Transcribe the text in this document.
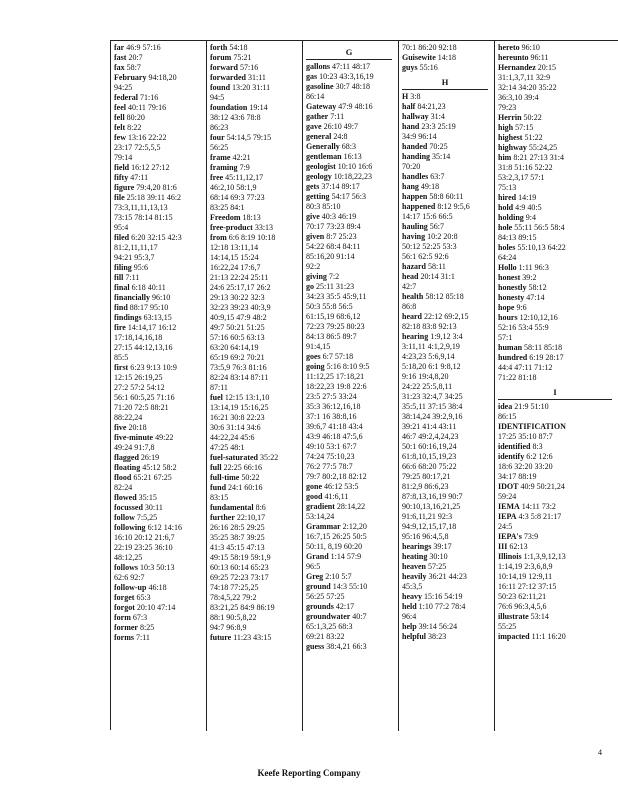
far 46:9 57:16
fast 20:7
fax 58:7
February 94:18,20
94:25
federal 71:16
feel 40:11 79:16
fell 80:20
felt 8:22
few 13:16 22:22
23:17 72:5,5,5
79:14
field 16:12 27:12
fifty 47:11
figure 79:4,20 81:6
file 25:18 39:11 46:2
73:3,11,11,13,13
73:15 78:14 81:15
95:4
filed 6:20 32:15 42:3
81:2,11,11,17
94:21 95:3,7
filing 95:6
fill 7:11
final 6:18 40:11
financially 96:10
find 88:17 95:10
findings 63:13,15
fire 14:14,17 16:12
17:18,14,16,18
27:15 44:12,13,16
85:5
first 6:23 9:13 10:9
12:15 26:19,25
27:2 57:2 54:12
56:1 60:5,25 71:16
71:20 72:5 88:21
88:22,24
five 20:18
five-minute 49:22
49:24 91:7,8
flagged 26:19
floating 45:12 58:2
flood 65:21 67:25
82:24
flowed 35:15
focussed 30:11
follow 7:5,25
following 6:12 14:16
16:10 20:12 21:6,7
22:19 23:25 36:10
48:12,25
follows 10:3 50:13
62:6 92:7
follow-up 46:18
forget 65:3
forgot 20:10 47:14
form 67:3
former 8:25
forms 7:11
forth 54:18
forum 75:21
forward 57:16
forwarded 31:11
found 13:20 31:11
94:5
foundation 19:14
38:12 43:6 78:8
86:23
four 54:14,5 79:15
56:25
frame 42:21
framing 7:9
free 45:11,12,17
46:2,10 58:1,9
68:14 69:3 77:23
83:25 84:1
Freedom 18:13
free-product 33:13
from 6:6 8:19 10:18
12:18 13:11,14
14:14,15 15:24
16:22,24 17:6,7
21:13 22:24 25:11
24:6 25:17,17 26:2
29:13 30:22 32:3
32:23 39:23 40:3,9
40:9,15 47:9 48:2
49:7 50:21 51:25
57:16 60:5 63:13
63:20 64:14,19
65:19 69:2 70:21
73:5,9 76:3 81:16
82:24 83:14 87:11
87:11
fuel 12:15 13:1,10
13:14,19 15:16,25
16:21 30:8 22:23
30:6 31:14 34:6
44:22,24 45:6
47:25 48:1
fuel-saturated 35:22
full 22:25 66:16
full-time 50:22
fund 24:1 60:16
83:15
fundamental 8:6
further 22:10,17
26:16 28:5 29:25
35:25 38:7 39:25
41:3 45:15 47:13
49:15 58:19 59:1,9
60:13 60:14 65:23
69:25 72:23 73:17
74:18 77:25,25
78:4,5,22 79:2
83:21,25 84:9 86:19
88:1 90:5,8,22
94:7 96:8,9
future 11:23 43:15
G
gallons 47:11 48:17
gas 10:23 43:3,16,19
gasoline 30:7 48:18
86:14
Gateway 47:9 48:16
gather 7:11
gave 26:10 49:7
general 24:8
Generally 68:3
gentleman 16:13
geologist 10:10 16:6
geology 10:18,22,23
gets 37:14 89:17
getting 54:17 56:3
80:3 85:10
give 40:3 46:19
70:17 73:23 89:4
given 8:7 25:23
54:22 68:4 84:11
85:16,20 91:14
92:2
giving 7:2
go 25:11 31:23
34:23 35:5 45:9,11
50:3 55:8 56:5
61:15,19 68:6,12
72:23 79:25 80:23
84:13 86:5 89:7
91:4,15
goes 6:7 57:18
going 5:16 8:10 9:5
11:12,25 17:18,21
18:22,23 19:8 22:6
23:5 27:5 33:24
35:3 36:12,16,18
37:1 16 38:8,16
39:6,7 41:18 43:4
43:9 46:18 47:5,6
49:10 53:1 67:7
74:24 75:10,23
76:2 77:5 78:7
79:7 80:2,18 82:12
gone 46:12 53:5
good 41:6,11
gradient 28:14,22
53:14,24
Grammar 2:12,20
16:7,15 26:25 50:5
50:11, 8,19 60:20
Grand 1:14 57:9
96:5
Greg 2:10 5:7
ground 14:3 55:10
56:25 57:25
grounds 42:17
groundwater 40:7
65:1,3,25 68:3
69:21 83:22
guess 38:4,21 66:3
70:1 86:20 92:18
Guisewite 14:18
guys 55:16
H
H 3:8
half 84:21,23
hallway 31:4
hand 23:3 25:19
34:9 96:14
handed 70:25
handing 35:14
70:20
handles 63:7
hang 49:18
happen 58:8 60:11
happened 8:12 9:5,6
14:17 15:6 66:5
hauling 56:7
having 10:2 20:8
50:12 52:25 53:3
56:1 62:5 92:6
hazard 58:11
head 20:14 31:1
42:7
health 58:12 85:18
86:8
heard 22:12 69:2,15
82:18 83:8 92:13
hearing 1:9,12 3:4
3:11,11 4:1,2,9,19
4:23,23 5:6,9,14
5:18,20 6:1 9:8,12
9:16 19:4,8,20
24:22 25:5,8,11
31:23 32:4,7 34:25
35:5,11 37:15 38:4
38:14,24 39:2,9,16
39:21 41:4 43:11
46:7 49:2,4,24,23
50:1 60:16,19,24
61:8,10,15,19,23
66:6 68:20 75:22
79:25 80:17,21
81:2,9 86:6,23
87:8,13,16,19 90:7
90:10,13,16,21,25
91:6,11,21 92:3
94:9,12,15,17,18
95:16 96:4,5,8
hearings 39:17
heating 30:10
heaven 57:25
heavily 36:21 44:23
45:3,5
heavy 15:16 54:19
held 1:10 77:2 78:4
96:4
help 39:14 56:24
helpful 38:23
hereto 96:10
hereunto 96:11
Hernandez 20:15
31:1,3,7,11 32:9
32:14 34:20 35:22
36:3,10 39:4
79:23
Herrin 50:22
high 57:15
highest 51:22
highway 55:24,25
him 8:21 27:13 31:4
31:8 51:16 52:22
53:2,3,17 57:1
75:13
hired 14:19
hold 4:9 40:5
holding 9:4
hole 55:11 56:5 58:4
84:13 89:15
holes 55:10,13 64:22
64:24
Hollo 1:11 96:3
honest 39:2
honestly 58:12
honesty 47:14
hope 9:6
hours 12:10,12,16
52:16 53:4 55:9
57:1
human 58:11 85:18
hundred 6:19 28:17
44:4 47:11 71:12
71:22 81:18
I
idea 21:9 51:10
86:15
IDENTIFICATION
17:25 35:10 87:7
identified 8:3
identify 6:2 12:6
18:6 32:20 33:20
34:17 88:19
IDOT 40:9 50:21,24
59:24
IEMA 14:11 73:2
IEPA 4:3 5:8 21:17
24:5
IEPA's 73:9
III 62:13
Illinois 1:1,3,9,12,13
1:14,19 2:3,6,8,9
10:14,19 12:9,11
16:11 27:12 37:15
50:23 62:11,21
76:6 96:3,4,5,6
illustrate 53:14
55:25
impacted 11:1 16:20
4
Keefe Reporting Company
